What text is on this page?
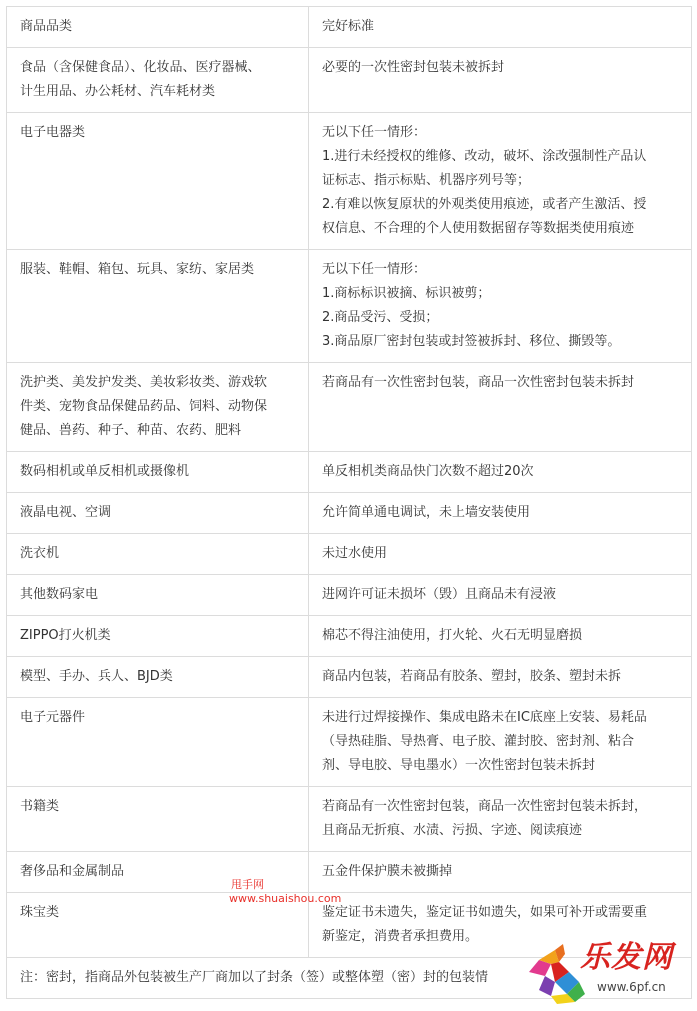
商品品类	完好标准

食品（含保健食品）、化妆品、医疗器械、
计生用品、办公耗材、汽车耗材类	必要的一次性密封包装未被拆封

电子电器类	无以下任一情形：
1.进行未经授权的维修、改动，破坏、涂改强制性产品认
证标志、指示标贴、机器序列号等；
2.有难以恢复原状的外观类使用痕迹，或者产生激活、授
权信息、不合理的个人使用数据留存等数据类使用痕迹

服装、鞋帽、箱包、玩具、家纺、家居类	无以下任一情形：
1.商标标识被摘、标识被剪；
2.商品受污、受损；
3.商品原厂密封包装或封签被拆封、移位、撕毁等。

洗护类、美发护发类、美妆彩妆类、游戏软
件类、宠物食品保健品药品、饲料、动物保
健品、兽药、种子、种苗、农药、肥料	若商品有一次性密封包装，商品一次性密封包装未拆封

数码相机或单反相机或摄像机	单反相机类商品快门次数不超过20次

液晶电视、空调	允许简单通电调试，未上墙安装使用

洗衣机	未过水使用

其他数码家电	进网许可证未损坏（毁）且商品未有浸液

ZIPPO打火机类	棉芯不得注油使用，打火轮、火石无明显磨损

模型、手办、兵人、BJD类	商品内包装，若商品有胶条、塑封，胶条、塑封未拆

电子元器件	未进行过焊接操作、集成电路未在IC底座上安装、易耗品
（导热硅脂、导热膏、电子胶、灌封胶、密封剂、粘合
剂、导电胶、导电墨水）一次性密封包装未拆封

书籍类	若商品有一次性密封包装，商品一次性密封包装未拆封，
且商品无折痕、水渍、污损、字迹、阅读痕迹

奢侈品和金属制品	五金件保护膜未被撕掉

珠宝类	鉴定证书未遗失，鉴定证书如遗失，如果可补开或需要重
新鉴定，消费者承担费用。

注：密封，指商品外包装被生产厂商加以了封条（签）或整体塑（密）封的包装情	
甩手网
www.shuaishou.com
乐发网
www.6pf.cn
